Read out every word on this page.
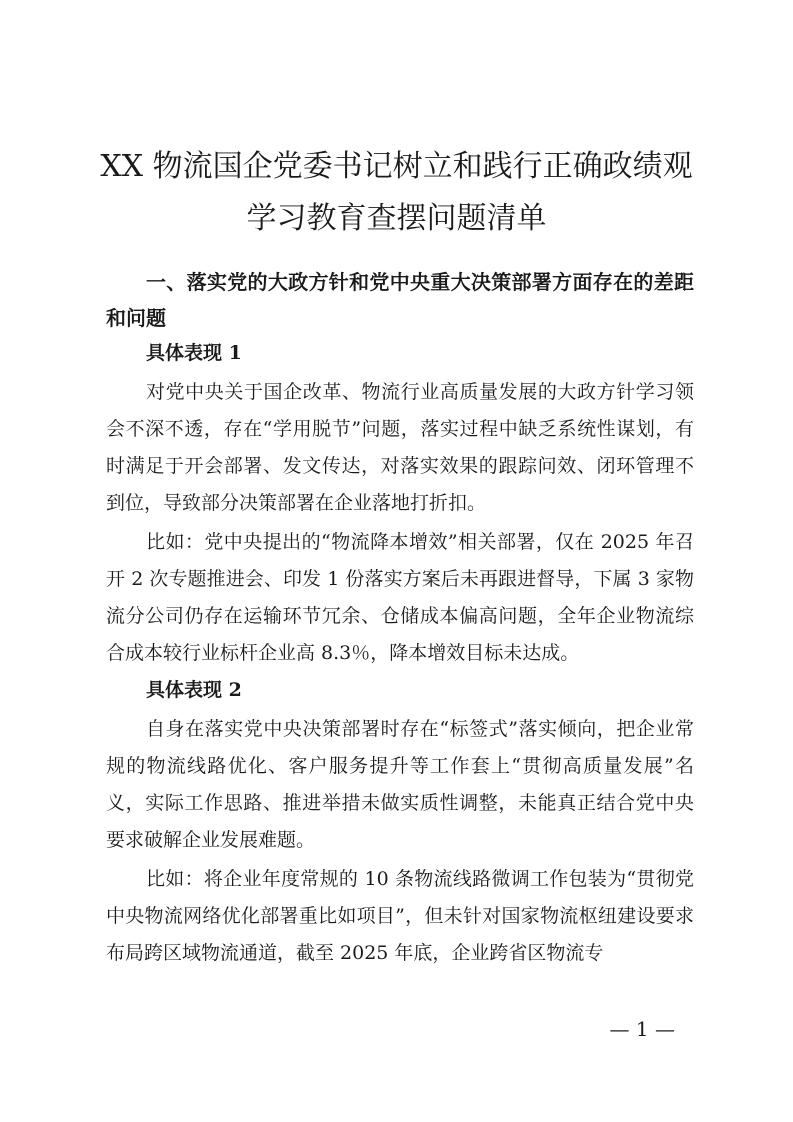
XX 物流国企党委书记树立和践行正确政绩观
学习教育查摆问题清单
一、落实党的大政方针和党中央重大决策部署方面存在的差距和问题
具体表现 1

对党中央关于国企改革、物流行业高质量发展的大政方针学习领会不深不透，存在“学用脱节”问题，落实过程中缺乏系统性谋划，有时满足于开会部署、发文传达，对落实效果的跟踪问效、闭环管理不到位，导致部分决策部署在企业落地打折扣。

比如：党中央提出的“物流降本增效”相关部署，仅在 2025 年召开 2 次专题推进会、印发 1 份落实方案后未再跟进督导，下属 3 家物流分公司仍存在运输环节冗余、仓储成本偏高问题，全年企业物流综合成本较行业标杆企业高 8.3％，降本增效目标未达成。

具体表现 2

自身在落实党中央决策部署时存在“标签式”落实倾向，把企业常规的物流线路优化、客户服务提升等工作套上“贯彻高质量发展”名义，实际工作思路、推进举措未做实质性调整，未能真正结合党中央要求破解企业发展难题。

比如：将企业年度常规的 10 条物流线路微调工作包装为“贯彻党中央物流网络优化部署重比如项目”，但未针对国家物流枢纽建设要求布局跨区域物流通道，截至 2025 年底，企业跨省区物流专

— 1 —
